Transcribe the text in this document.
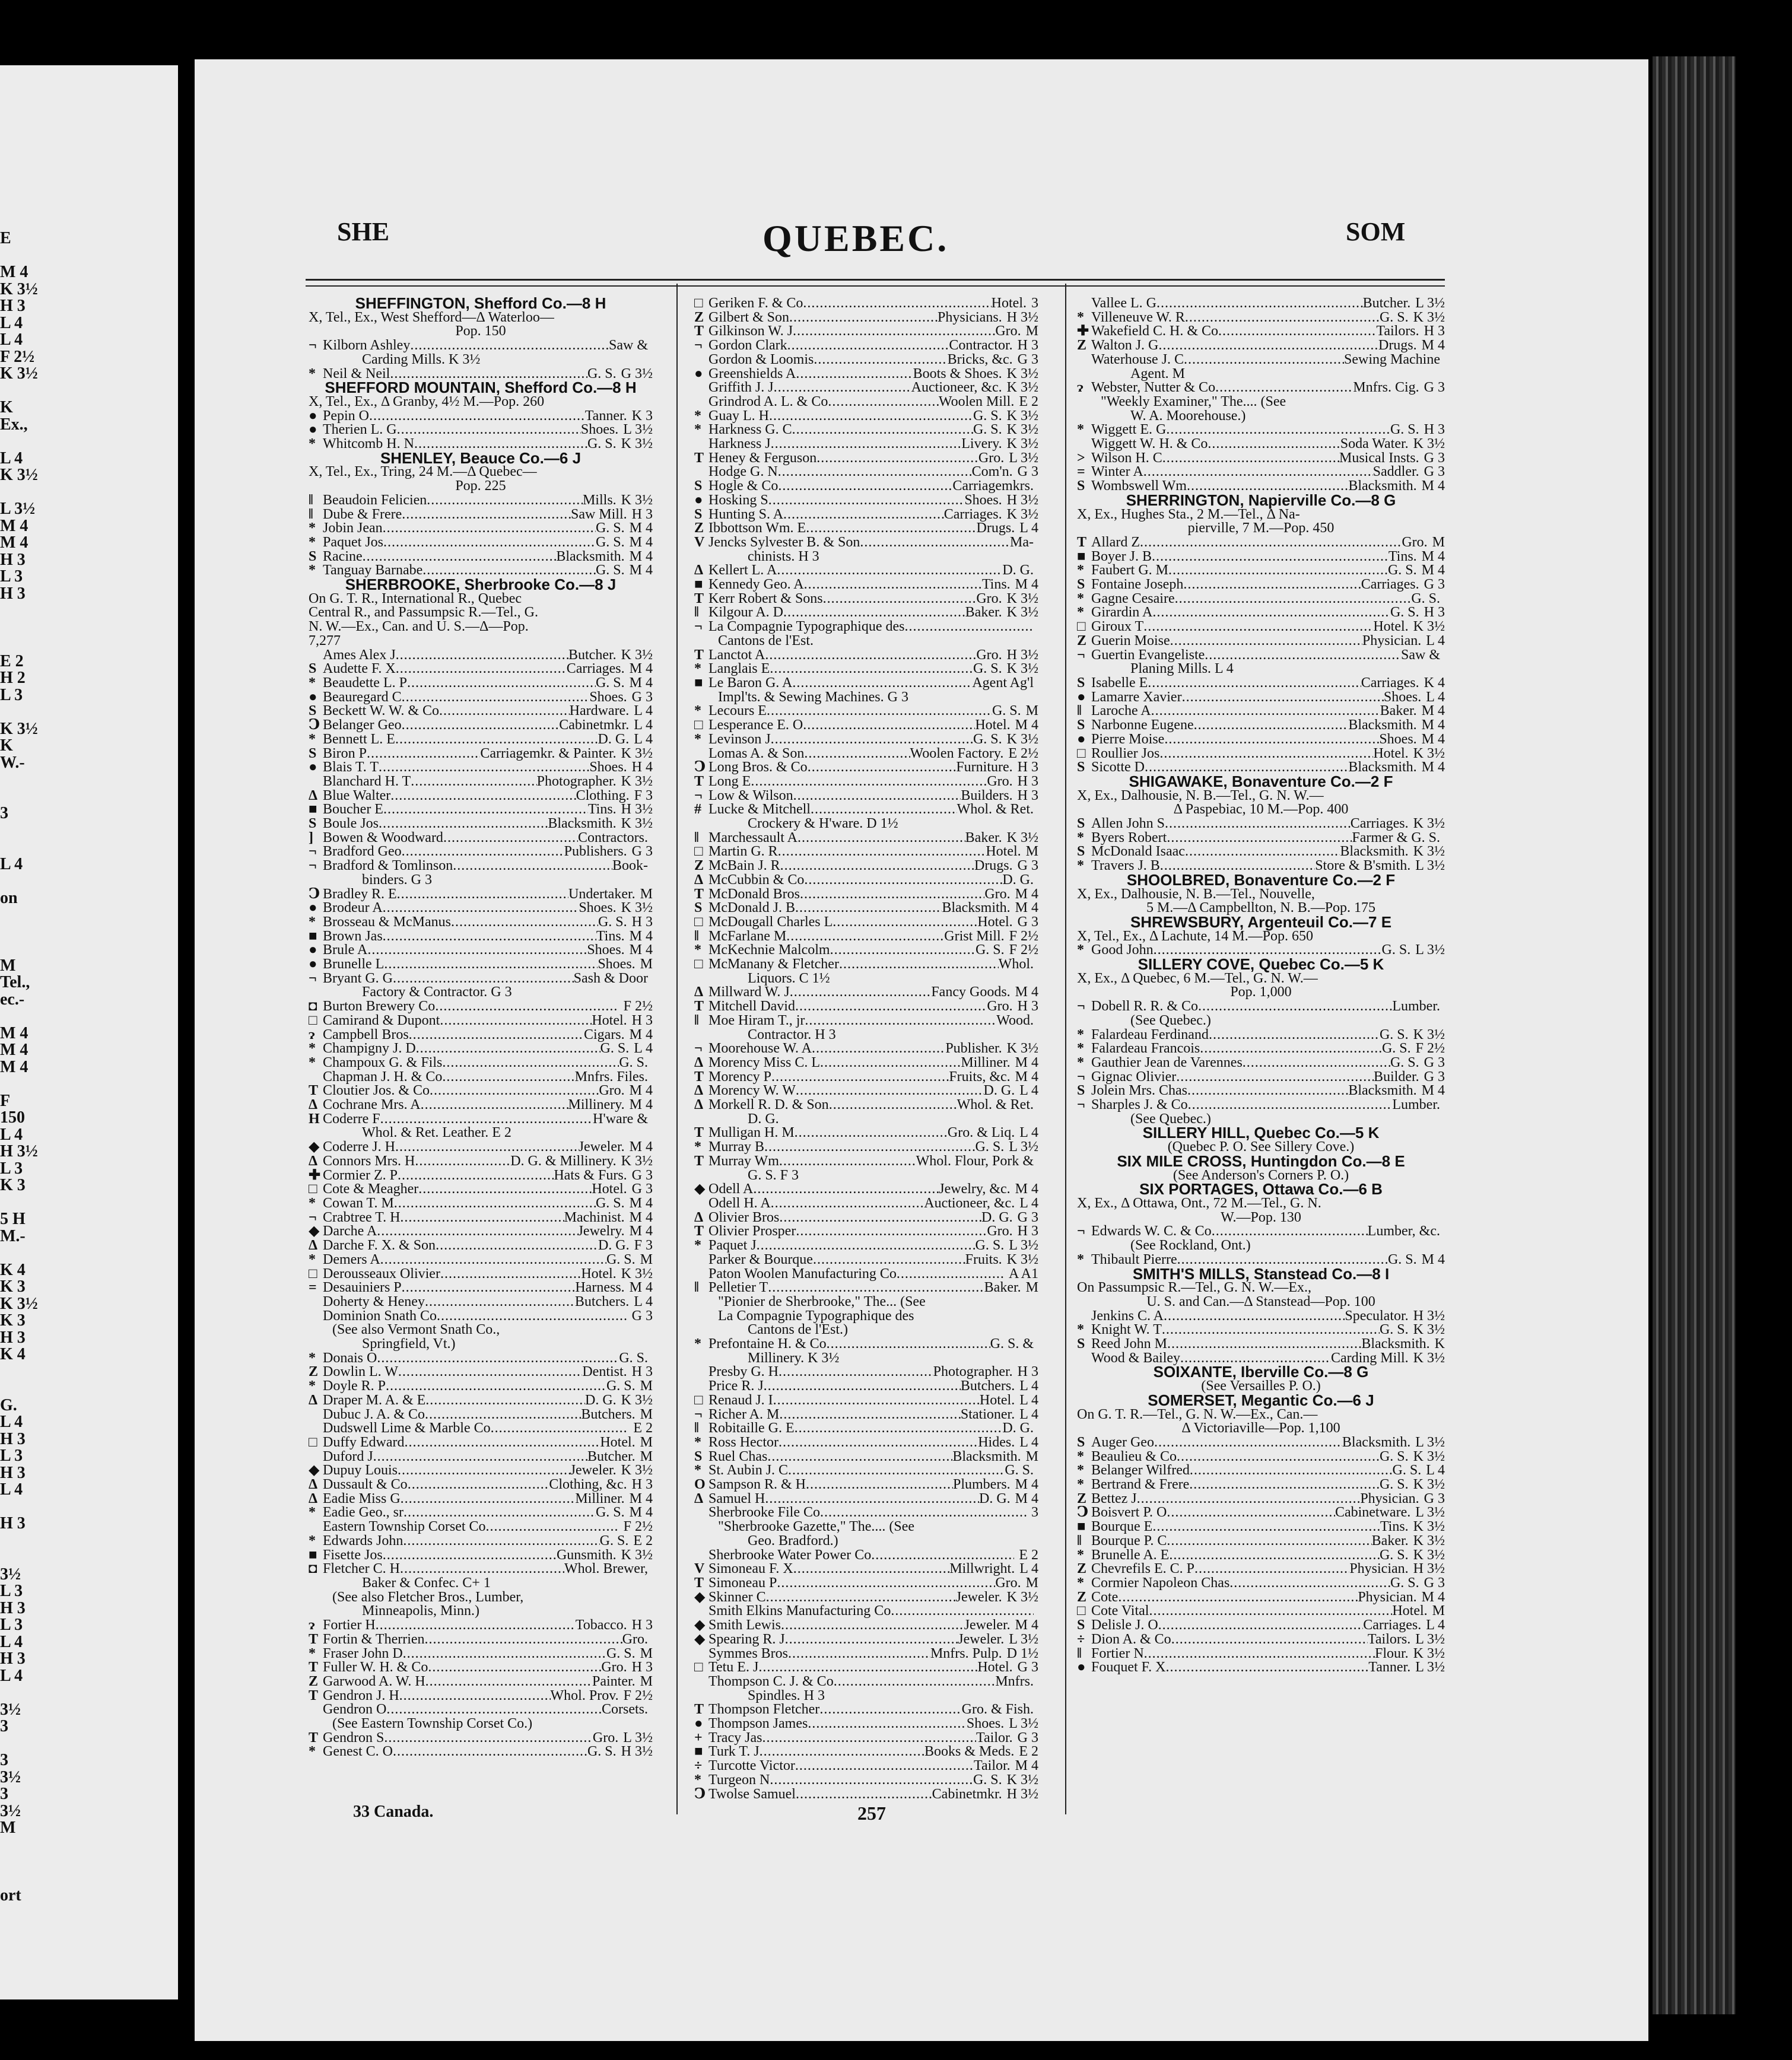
E
M 4
K 3½
H 3
L 4
L 4
F 2½
K 3½
K
Ex.,
L 4
K 3½
L 3½
M 4
M 4
H 3
L 3
H 3
E 2
H 2
L 3
K 3½
K
W.-
3
L 4
on
M
Tel.,
ec.-
M 4
M 4
M 4
F
150
L 4
H 3½
L 3
K 3
5 H
M.-
K 4
K 3
K 3½
K 3
H 3
K 4
G.
L 4
H 3
L 3
H 3
L 4
H 3
3½
L 3
H 3
L 3
L 4
H 3
L 4
3½
3
3
3½
3
3½
M
ort
SHE	QUEBEC.	SOM
SHEFFINGTON, Shefford Co.—8 H
X, Tel., Ex., West Shefford—Δ Waterloo—
Pop. 150
¬ Kilborn Ashley .....	Saw &
Carding Mills. K 3½
* Neil & Neil .....	G. S. G 3½
SHEFFORD MOUNTAIN, Shefford Co.—8 H
X, Tel., Ex., Δ Granby, 4½ M.—Pop. 260
● Pepin O .....	Tanner. K 3
● Therien L. G .....	Shoes. L 3½
* Whitcomb H. N .....	G. S. K 3½
SHENLEY, Beauce Co.—6 J
X, Tel., Ex., Tring, 24 M.—Δ Quebec—
Pop. 225
‖ Beaudoin Felicien .....	Mills. K 3½
‖ Dube & Frere .....	Saw Mill. H 3
* Jobin Jean .....	G. S. M 4
* Paquet Jos .....	G. S. M 4
S Racine .....	Blacksmith. M 4
* Tanguay Barnabe .....	G. S. M 4
SHERBROOKE, Sherbrooke Co.—8 J
On G. T. R., International R., Quebec
Central R., and Passumpsic R.—Tel., G.
N. W.—Ex., Can. and U. S.—Δ—Pop.
7,277
Ames Alex J .....	Butcher. K 3½
S Audette F. X .....	Carriages. M 4
* Beaudette L. P .....	G. S. M 4
● Beauregard C .....	Shoes. G 3
S Beckett W. W. & Co .....	Hardware. L 4
Ↄ Belanger Geo .....	Cabinetmkr. L 4
* Bennett L. E .....	D. G. L 4
S Biron P .....	Carriagemkr. & Painter. K 3½
● Blais T. T .....	Shoes. H 4
Blanchard H. T .....	Photographer. K 3½
Δ Blue Walter .....	Clothing. F 3
■ Boucher E .....	Tins. H 3½
S Boule Jos .....	Blacksmith. K 3½
] Bowen & Woodward .....	Contractors.
¬ Bradford Geo .....	Publishers. G 3
¬ Bradford & Tomlinson .....	Book-
binders. G 3
Ↄ Bradley R. E .....	Undertaker. M
● Brodeur A .....	Shoes. K 3½
* Brosseau & McManus .....	G. S. H 3
■ Brown Jas .....	Tins. M 4
● Brule A .....	Shoes. M 4
● Brunelle L .....	Shoes. M
¬ Bryant G. G .....	Sash & Door
Factory & Contractor. G 3
◘ Burton Brewery Co .....	F 2½
□ Camirand & Dupont .....	Hotel. H 3
ɂ Campbell Bros .....	Cigars. M 4
* Champigny J. D .....	G. S. L 4
* Champoux G. & Fils .....	G. S.
Chapman J. H. & Co .....	Mnfrs. Files.
T Cloutier Jos. & Co .....	Gro. M 4
Δ Cochrane Mrs. A .....	Millinery. M 4
H Coderre F .....	H'ware &
Whol. & Ret. Leather. E 2
◆ Coderre J. H .....	Jeweler. M 4
Δ Connors Mrs. H .....	D. G. & Millinery. K 3½
✚ Cormier Z. P .....	Hats & Furs. G 3
□ Cote & Meagher .....	Hotel. G 3
* Cowan T. M .....	G. S. M 4
¬ Crabtree T. H .....	Machinist. M 4
◆ Darche A .....	Jewelry. M 4
Δ Darche F. X. & Son .....	D. G. F 3
* Demers A .....	G. S. M
□ Derousseaux Olivier .....	Hotel. K 3½
= Desauiniers P .....	Harness. M 4
Doherty & Heney .....	Butchers. L 4
Dominion Snath Co .....	G 3
(See also Vermont Snath Co.,
Springfield, Vt.)
* Donais O .....	G. S.
Z Dowlin L. W .....	Dentist. H 3
* Doyle R. P .....	G. S. M
Δ Draper M. A. & E .....	D. G. K 3½
Dubuc J. A. & Co .....	Butchers. M
Dudswell Lime & Marble Co .....	E 2
□ Duffy Edward .....	Hotel. M
Duford J .....	Butcher. M
◆ Dupuy Louis .....	Jeweler. K 3½
Δ Dussault & Co .....	Clothing, &c. H 3
Δ Eadie Miss G .....	Milliner. M 4
* Eadie Geo., sr .....	G. S. M 4
Eastern Township Corset Co .....	F 2½
* Edwards John .....	G. S. E 2
■ Fisette Jos .....	Gunsmith. K 3½
◘ Fletcher C. H .....	Whol. Brewer,
Baker & Confec. C+ 1
(See also Fletcher Bros., Lumber,
Minneapolis, Minn.)
ɂ Fortier H .....	Tobacco. H 3
T Fortin & Therrien .....	Gro.
* Fraser John D .....	G. S. M
T Fuller W. H. & Co .....	Gro. H 3
Z Garwood A. W. H .....	Painter. M
T Gendron J. H .....	Whol. Prov. F 2½
Gendron O .....	Corsets.
(See Eastern Township Corset Co.)
T Gendron S .....	Gro. L 3½
* Genest C. O .....	G. S. H 3½
□ Geriken F. & Co .....	Hotel. 3
Z Gilbert & Son .....	Physicians. H 3½
T Gilkinson W. J .....	Gro. M
¬ Gordon Clark .....	Contractor. H 3
Gordon & Loomis .....	Bricks, &c. G 3
● Greenshields A .....	Boots & Shoes. K 3½
Griffith J. J .....	Auctioneer, &c. K 3½
Grindrod A. L. & Co .....	Woolen Mill. E 2
* Guay L. H .....	G. S. K 3½
* Harkness G. C .....	G. S. K 3½
Harkness J .....	Livery. K 3½
T Heney & Ferguson .....	Gro. L 3½
Hodge G. N .....	Com'n. G 3
S Hogle & Co .....	Carriagemkrs.
● Hosking S .....	Shoes. H 3½
S Hunting S. A .....	Carriages. K 3½
Z Ibbottson Wm. E .....	Drugs. L 4
V Jencks Sylvester B. & Son .....	Ma-
chinists. H 3
Δ Kellert L. A .....	D. G.
■ Kennedy Geo. A .....	Tins. M 4
T Kerr Robert & Sons .....	Gro. K 3½
‖ Kilgour A. D .....	Baker. K 3½
¬ La Compagnie Typographique des
.....
Cantons de l'Est.
T Lanctot A .....	Gro. H 3½
* Langlais E .....	G. S. K 3½
■ Le Baron G. A .....	Agent Ag'l
Impl'ts. & Sewing Machines. G 3
* Lecours E .....	G. S. M
□ Lesperance E. O .....	Hotel. M 4
* Levinson J .....	G. S. K 3½
Lomas A. & Son .....	Woolen Factory. E 2½
Ↄ Long Bros. & Co .....	Furniture. H 3
T Long E .....	Gro. H 3
¬ Low & Wilson .....	Builders. H 3
# Lucke & Mitchell .....	Whol. & Ret.
Crockery & H'ware. D 1½
‖ Marchessault A .....	Baker. K 3½
□ Martin G. R .....	Hotel. M
Z McBain J. R .....	Drugs. G 3
Δ McCubbin & Co .....	D. G.
T McDonald Bros .....	Gro. M 4
S McDonald J. B .....	Blacksmith. M 4
□ McDougall Charles L .....	Hotel. G 3
‖ McFarlane M .....	Grist Mill. F 2½
* McKechnie Malcolm .....	G. S. F 2½
□ McManany & Fletcher .....	Whol.
Liquors. C 1½
Δ Millward W. J .....	Fancy Goods. M 4
T Mitchell David .....	Gro. H 3
‖ Moe Hiram T., jr .....	Wood.
Contractor. H 3
¬ Moorehouse W. A .....	Publisher. K 3½
Δ Morency Miss C. L .....	Milliner. M 4
T Morency P .....	Fruits, &c. M 4
Δ Morency W. W .....	D. G. L 4
Δ Morkell R. D. & Son .....	Whol. & Ret.
D. G.
T Mulligan H. M .....	Gro. & Liq. L 4
* Murray B .....	G. S. L 3½
T Murray Wm .....	Whol. Flour, Pork &
G. S. F 3
◆ Odell A .....	Jewelry, &c. M 4
Odell H. A .....	Auctioneer, &c. L 4
Δ Olivier Bros .....	D. G. G 3
T Olivier Prosper .....	Gro. H 3
* Paquet J .....	G. S. L 3½
Parker & Bourque .....	Fruits. K 3½
Paton Woolen Manufacturing Co .....	A A1
‖ Pelletier T .....	Baker. M
"Pionier de Sherbrooke," The... (See
La Compagnie Typographique des
Cantons de l'Est.)
* Prefontaine H. & Co .....	G. S. &
Millinery. K 3½
Presby G. H .....	Photographer. H 3
Price R. J .....	Butchers. L 4
□ Renaud J. I .....	Hotel. L 4
¬ Richer A. M .....	Stationer. L 4
‖ Robitaille G. E .....	D. G.
* Ross Hector .....	Hides. L 4
S Ruel Chas .....	Blacksmith. M
* St. Aubin J. C .....	G. S.
O Sampson R. & H .....	Plumbers. M 4
Δ Samuel H .....	D. G. M 4
Sherbrooke File Co .....	3
"Sherbrooke Gazette," The.... (See
Geo. Bradford.)
Sherbrooke Water Power Co .....	E 2
V Simoneau F. X .....	Millwright. L 4
T Simoneau P .....	Gro. M
◆ Skinner C .....	Jeweler. K 3½
Smith Elkins Manufacturing Co
.....
◆ Smith Lewis .....	Jeweler. M 4
◆ Spearing R. J .....	Jeweler. L 3½
Symmes Bros .....	Mnfrs. Pulp. D 1½
□ Tetu E. J .....	Hotel. G 3
Thompson C. J. & Co .....	Mnfrs.
Spindles. H 3
T Thompson Fletcher .....	Gro. & Fish.
● Thompson James .....	Shoes. L 3½
+ Tracy Jas .....	Tailor. G 3
■ Turk T. J .....	Books & Meds. E 2
÷ Turcotte Victor .....	Tailor. M 4
* Turgeon N .....	G. S. K 3½
Ↄ Twolse Samuel .....	Cabinetmkr. H 3½
Vallee L. G .....	Butcher. L 3½
* Villeneuve W. R .....	G. S. K 3½
✚ Wakefield C. H. & Co .....	Tailors. H 3
Z Walton J. G .....	Drugs. M 4
Waterhouse J. C .....	Sewing Machine
Agent. M
ɂ Webster, Nutter & Co .....	Mnfrs. Cig. G 3
"Weekly Examiner," The.... (See
W. A. Moorehouse.)
* Wiggett E. G .....	G. S. H 3
Wiggett W. H. & Co .....	Soda Water. K 3½
> Wilson H. C .....	Musical Insts. G 3
= Winter A .....	Saddler. G 3
S Wombswell Wm .....	Blacksmith. M 4
SHERRINGTON, Napierville Co.—8 G
X, Ex., Hughes Sta., 2 M.—Tel., Δ Na-
pierville, 7 M.—Pop. 450
T Allard Z .....	Gro. M
■ Boyer J. B .....	Tins. M 4
* Faubert G. M .....	G. S. M 4
S Fontaine Joseph .....	Carriages. G 3
* Gagne Cesaire .....	G. S.
* Girardin A .....	G. S. H 3
□ Giroux T .....	Hotel. K 3½
Z Guerin Moise .....	Physician. L 4
¬ Guertin Evangeliste .....	Saw &
Planing Mills. L 4
S Isabelle E .....	Carriages. K 4
● Lamarre Xavier .....	Shoes. L 4
‖ Laroche A .....	Baker. M 4
S Narbonne Eugene .....	Blacksmith. M 4
● Pierre Moise .....	Shoes. M 4
□ Roullier Jos .....	Hotel. K 3½
S Sicotte D .....	Blacksmith. M 4
SHIGAWAKE, Bonaventure Co.—2 F
X, Ex., Dalhousie, N. B.—Tel., G. N. W.—
Δ Paspebiac, 10 M.—Pop. 400
S Allen John S .....	Carriages. K 3½
* Byers Robert .....	Farmer & G. S.
S McDonald Isaac .....	Blacksmith. K 3½
* Travers J. B .....	Store & B'smith. L 3½
SHOOLBRED, Bonaventure Co.—2 F
X, Ex., Dalhousie, N. B.—Tel., Nouvelle,
5 M.—Δ Campbellton, N. B.—Pop. 175
SHREWSBURY, Argenteuil Co.—7 E
X, Tel., Ex., Δ Lachute, 14 M.—Pop. 650
* Good John .....	G. S. L 3½
SILLERY COVE, Quebec Co.—5 K
X, Ex., Δ Quebec, 6 M.—Tel., G. N. W.—
Pop. 1,000
¬ Dobell R. R. & Co .....	Lumber.
(See Quebec.)
* Falardeau Ferdinand .....	G. S. K 3½
* Falardeau Francois .....	G. S. F 2½
* Gauthier Jean de Varennes .....	G. S. G 3
¬ Gignac Olivier .....	Builder. G 3
S Jolein Mrs. Chas .....	Blacksmith. M 4
¬ Sharples J. & Co .....	Lumber.
(See Quebec.)
SILLERY HILL, Quebec Co.—5 K
(Quebec P. O. See Sillery Cove.)
SIX MILE CROSS, Huntingdon Co.—8 E
(See Anderson's Corners P. O.)
SIX PORTAGES, Ottawa Co.—6 B
X, Ex., Δ Ottawa, Ont., 72 M.—Tel., G. N.
W.—Pop. 130
¬ Edwards W. C. & Co .....	Lumber, &c.
(See Rockland, Ont.)
* Thibault Pierre .....	G. S. M 4
SMITH'S MILLS, Stanstead Co.—8 I
On Passumpsic R.—Tel., G. N. W.—Ex.,
U. S. and Can.—Δ Stanstead—Pop. 100
Jenkins C. A .....	Speculator. H 3½
* Knight W. T .....	G. S. K 3½
S Reed John M .....	Blacksmith. K
Wood & Bailey .....	Carding Mill. K 3½
SOIXANTE, Iberville Co.—8 G
(See Versailles P. O.)
SOMERSET, Megantic Co.—6 J
On G. T. R.—Tel., G. N. W.—Ex., Can.—
Δ Victoriaville—Pop. 1,100
S Auger Geo .....	Blacksmith. L 3½
* Beaulieu & Co .....	G. S. K 3½
* Belanger Wilfred .....	G. S. L 4
* Bertrand & Frere .....	G. S. K 3½
Z Bettez J .....	Physician. G 3
Ↄ Boisvert P. O .....	Cabinetware. L 3½
■ Bourque E .....	Tins. K 3½
‖ Bourque P. C .....	Baker. K 3½
* Brunelle A. E .....	G. S. K 3½
Z Chevrefils E. C. P .....	Physician. H 3½
* Cormier Napoleon Chas .....	G. S. G 3
Z Cote .....	Physician. M 4
□ Cote Vital .....	Hotel. M
S Delisle J. O .....	Carriages. L 4
÷ Dion A. & Co .....	Tailors. L 3½
‖ Fortier N .....	Flour. K 3½
● Fouquet F. X .....	Tanner. L 3½
33 Canada.	257
